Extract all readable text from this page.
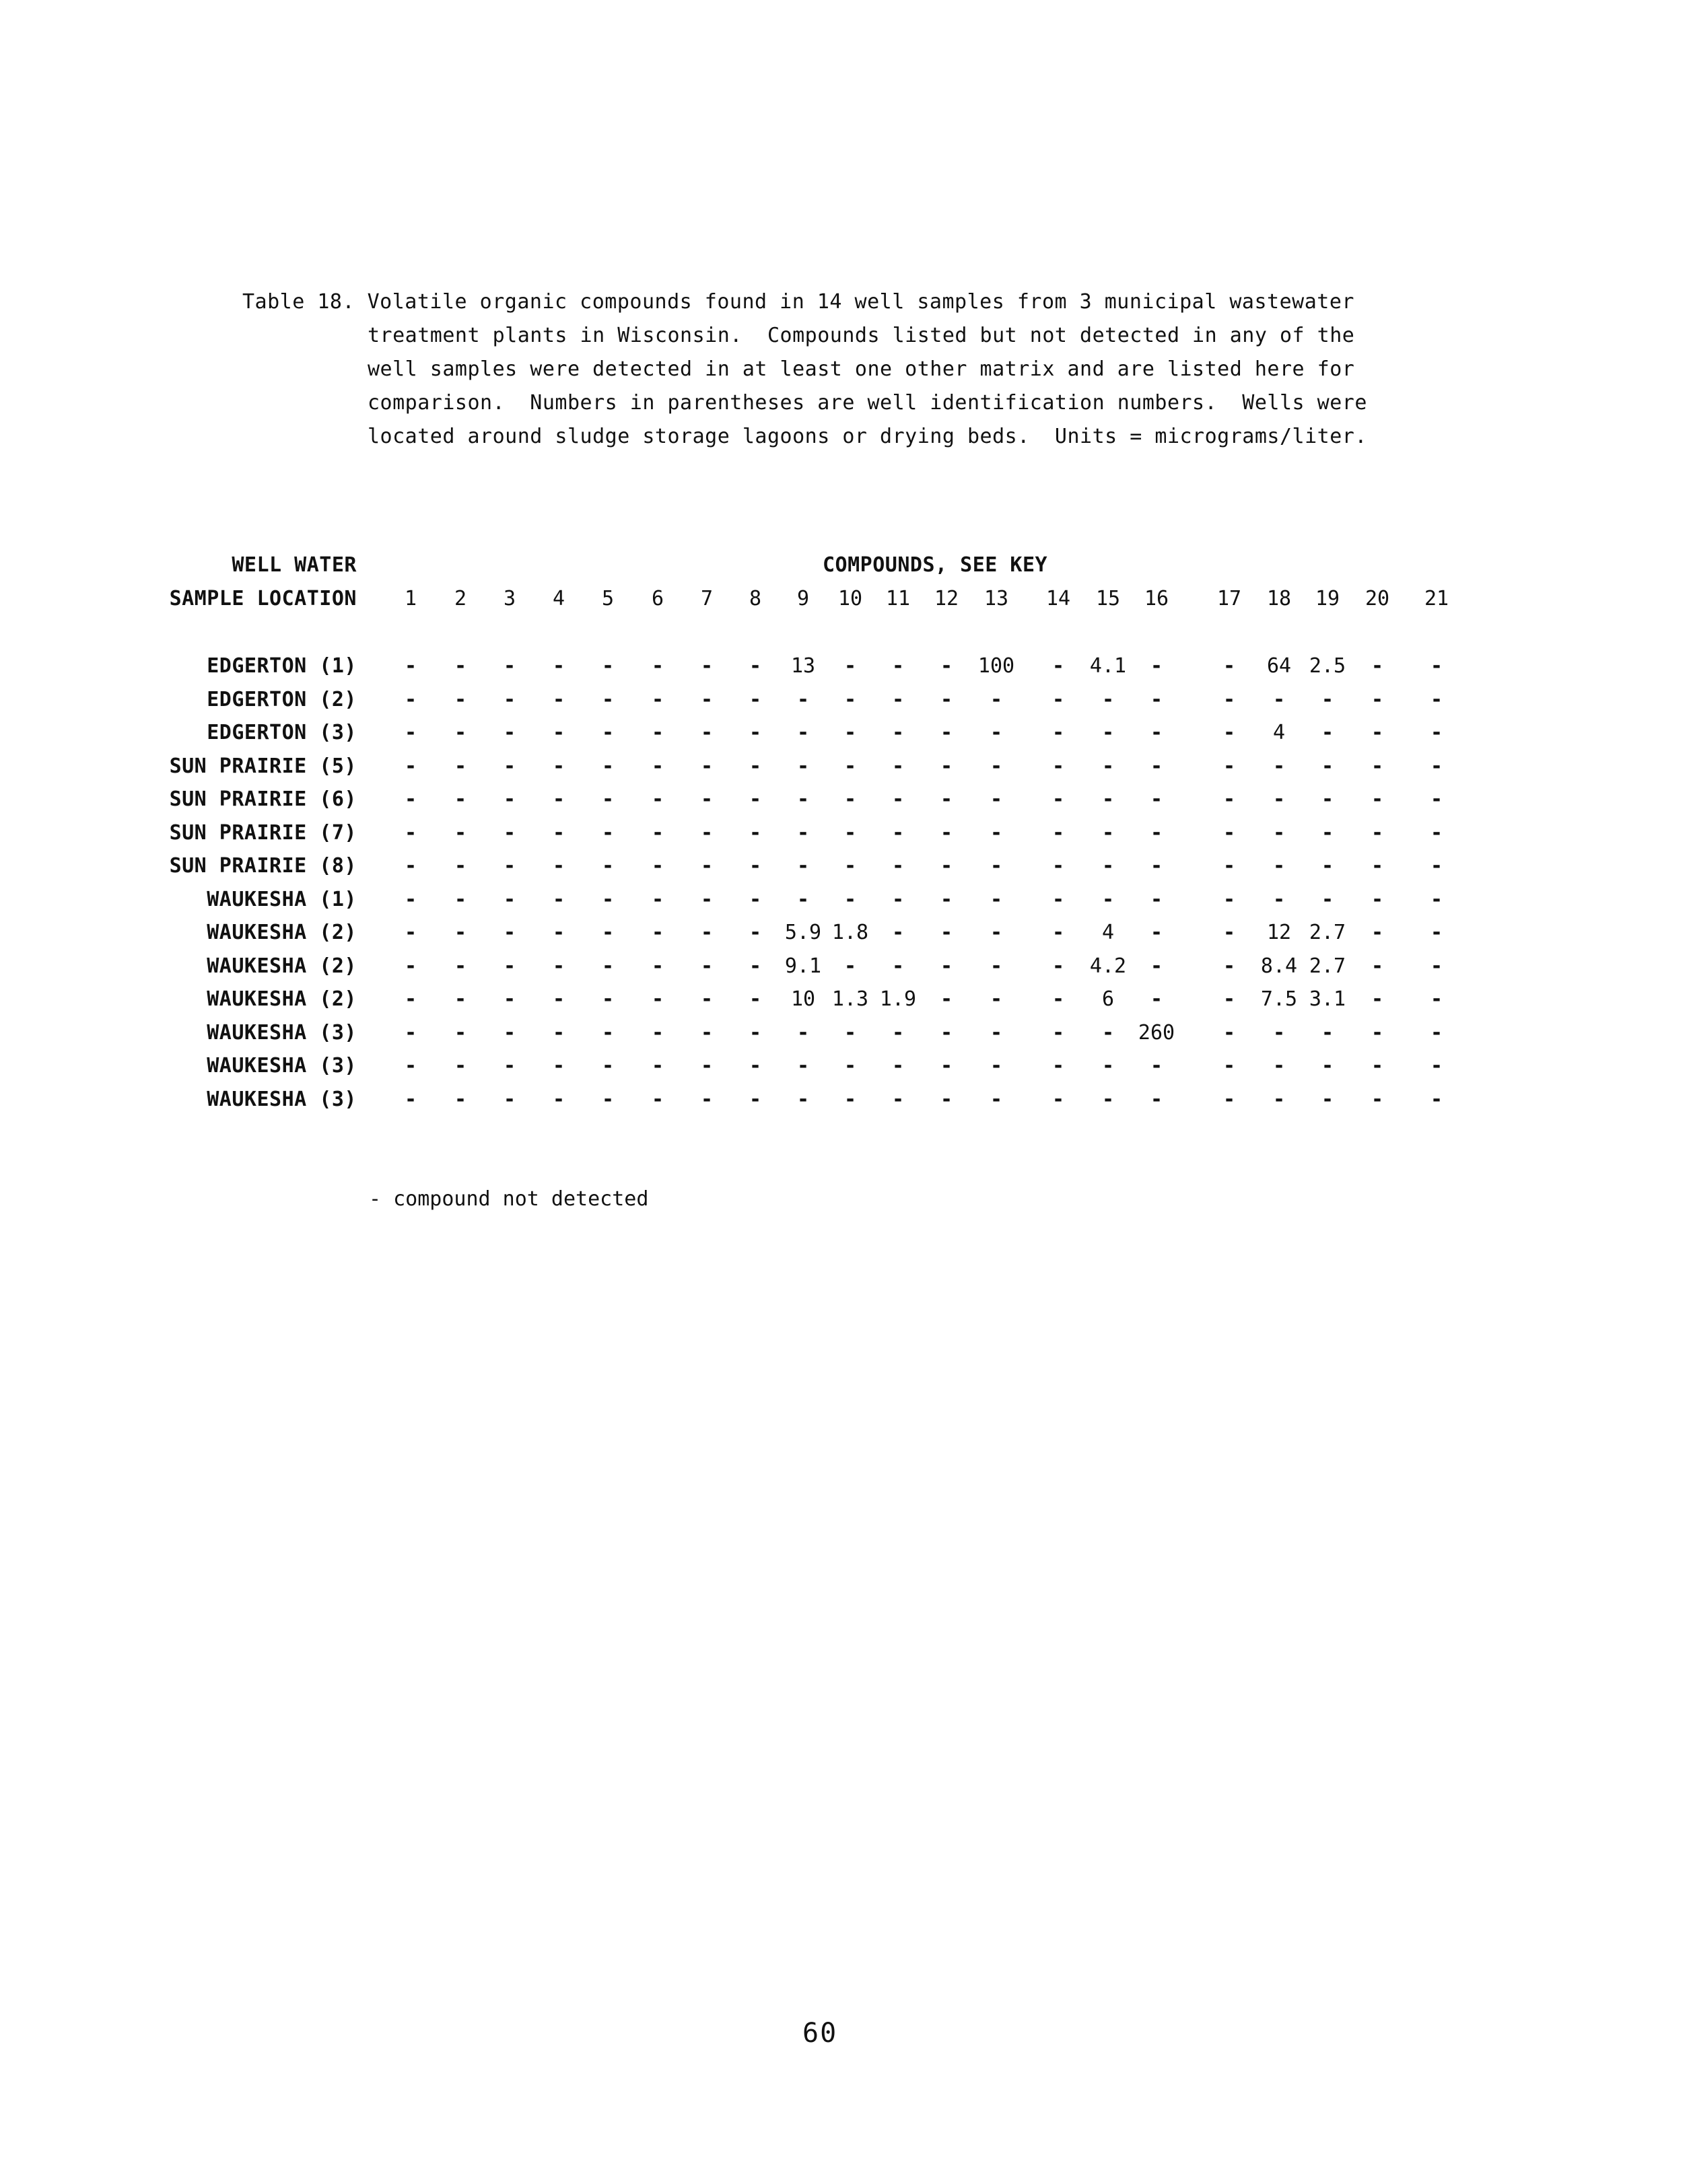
Table 18. Volatile organic compounds found in 14 well samples from 3 municipal wastewater
treatment plants in Wisconsin.  Compounds listed but not detected in any of the
well samples were detected in at least one other matrix and are listed here for
comparison.  Numbers in parentheses are well identification numbers.  Wells were
located around sludge storage lagoons or drying beds.  Units = micrograms/liter.
WELL WATER
SAMPLE LOCATION
COMPOUNDS, SEE KEY
1 2 3 4 5 6 7 8 9 10 11 12 13 14 15 16 17 18 19 20 21
EDGERTON (1) - - - - - - - - 13 - - - 100 - 4.1 -	- 64 2.5 - -
EDGERTON (2) - - - - - - - - - - - - - - - -	- - - - -
EDGERTON (3) - - - - - - - - - - - - - - - -	- 4 - - -
SUN PRAIRIE (5) - - - - - - - - - - - - - - - -	- - - - -
SUN PRAIRIE (6) - - - - - - - - - - - - - - - -	- - - - -
SUN PRAIRIE (7) - - - - - - - - - - - - - - - -	- - - - -
SUN PRAIRIE (8) - - - - - - - - - - - - - - - -	- - - - -
WAUKESHA (1) - - - - - - - - - - - - - - - -	- - - - -
WAUKESHA (2) - - - - - - - - 5.9 1.8 - - - - 4 -	- 12 2.7 - -
WAUKESHA (2) - - - - - - - - 9.1 - - - - - 4.2 -	- 8.4 2.7 - -
WAUKESHA (2) - - - - - - - - 10 1.3 1.9 - - - 6 -	- 7.5 3.1 - -
WAUKESHA (3) - - - - - - - - - - - - - - - 260 - - - - -
WAUKESHA (3) - - - - - - - - - - - - - - - -	- - - - -
WAUKESHA (3) - - - - - - - - - - - - - - - -	- - - - -
- compound not detected
60
